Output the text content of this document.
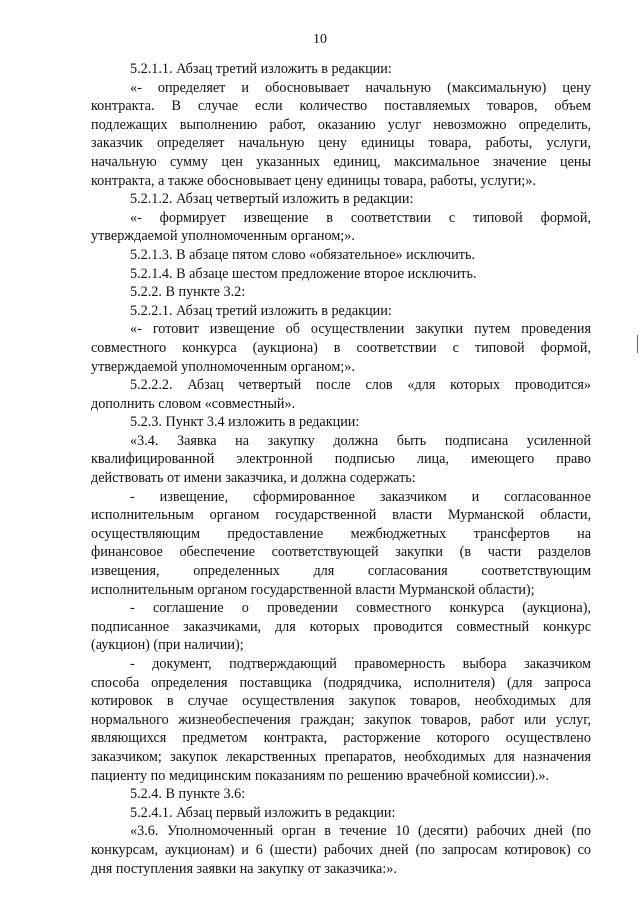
10

5.2.1.1. Абзац третий изложить в редакции:

«- определяет и обосновывает начальную (максимальную) цену

контракта. В случае если количество поставляемых товаров, объем

подлежащих выполнению работ, оказанию услуг невозможно определить,

заказчик определяет начальную цену единицы товара, работы, услуги,

начальную сумму цен указанных единиц, максимальное значение цены

контракта, а также обосновывает цену единицы товара, работы, услуги;».

5.2.1.2. Абзац четвертый изложить в редакции:

«- формирует извещение в соответствии с типовой формой,

утверждаемой уполномоченным органом;».

5.2.1.3. В абзаце пятом слово «обязательное» исключить.

5.2.1.4. В абзаце шестом предложение второе исключить.

5.2.2. В пункте 3.2:

5.2.2.1. Абзац третий изложить в редакции:

«- готовит извещение об осуществлении закупки путем проведения

совместного конкурса (аукциона) в соответствии с типовой формой,

утверждаемой уполномоченным органом;».

5.2.2.2. Абзац четвертый после слов «для которых проводится»

дополнить словом «совместный».

5.2.3. Пункт 3.4 изложить в редакции:

«3.4. Заявка на закупку должна быть подписана усиленной

квалифицированной электронной подписью лица, имеющего право

действовать от имени заказчика, и должна содержать:

- извещение, сформированное заказчиком и согласованное

исполнительным органом государственной власти Мурманской области,

осуществляющим предоставление межбюджетных трансфертов на

финансовое обеспечение соответствующей закупки (в части разделов

извещения, определенных для согласования соответствующим

исполнительным органом государственной власти Мурманской области);

- соглашение о проведении совместного конкурса (аукциона),

подписанное заказчиками, для которых проводится совместный конкурс

(аукцион) (при наличии);

- документ, подтверждающий правомерность выбора заказчиком

способа определения поставщика (подрядчика, исполнителя) (для запроса

котировок в случае осуществления закупок товаров, необходимых для

нормального жизнеобеспечения граждан; закупок товаров, работ или услуг,

являющихся предметом контракта, расторжение которого осуществлено

заказчиком; закупок лекарственных препаратов, необходимых для назначения

пациенту по медицинским показаниям по решению врачебной комиссии).».

5.2.4. В пункте 3.6:

5.2.4.1. Абзац первый изложить в редакции:

«3.6. Уполномоченный орган в течение 10 (десяти) рабочих дней (по

конкурсам, аукционам) и 6 (шести) рабочих дней (по запросам котировок) со

дня поступления заявки на закупку от заказчика:».
